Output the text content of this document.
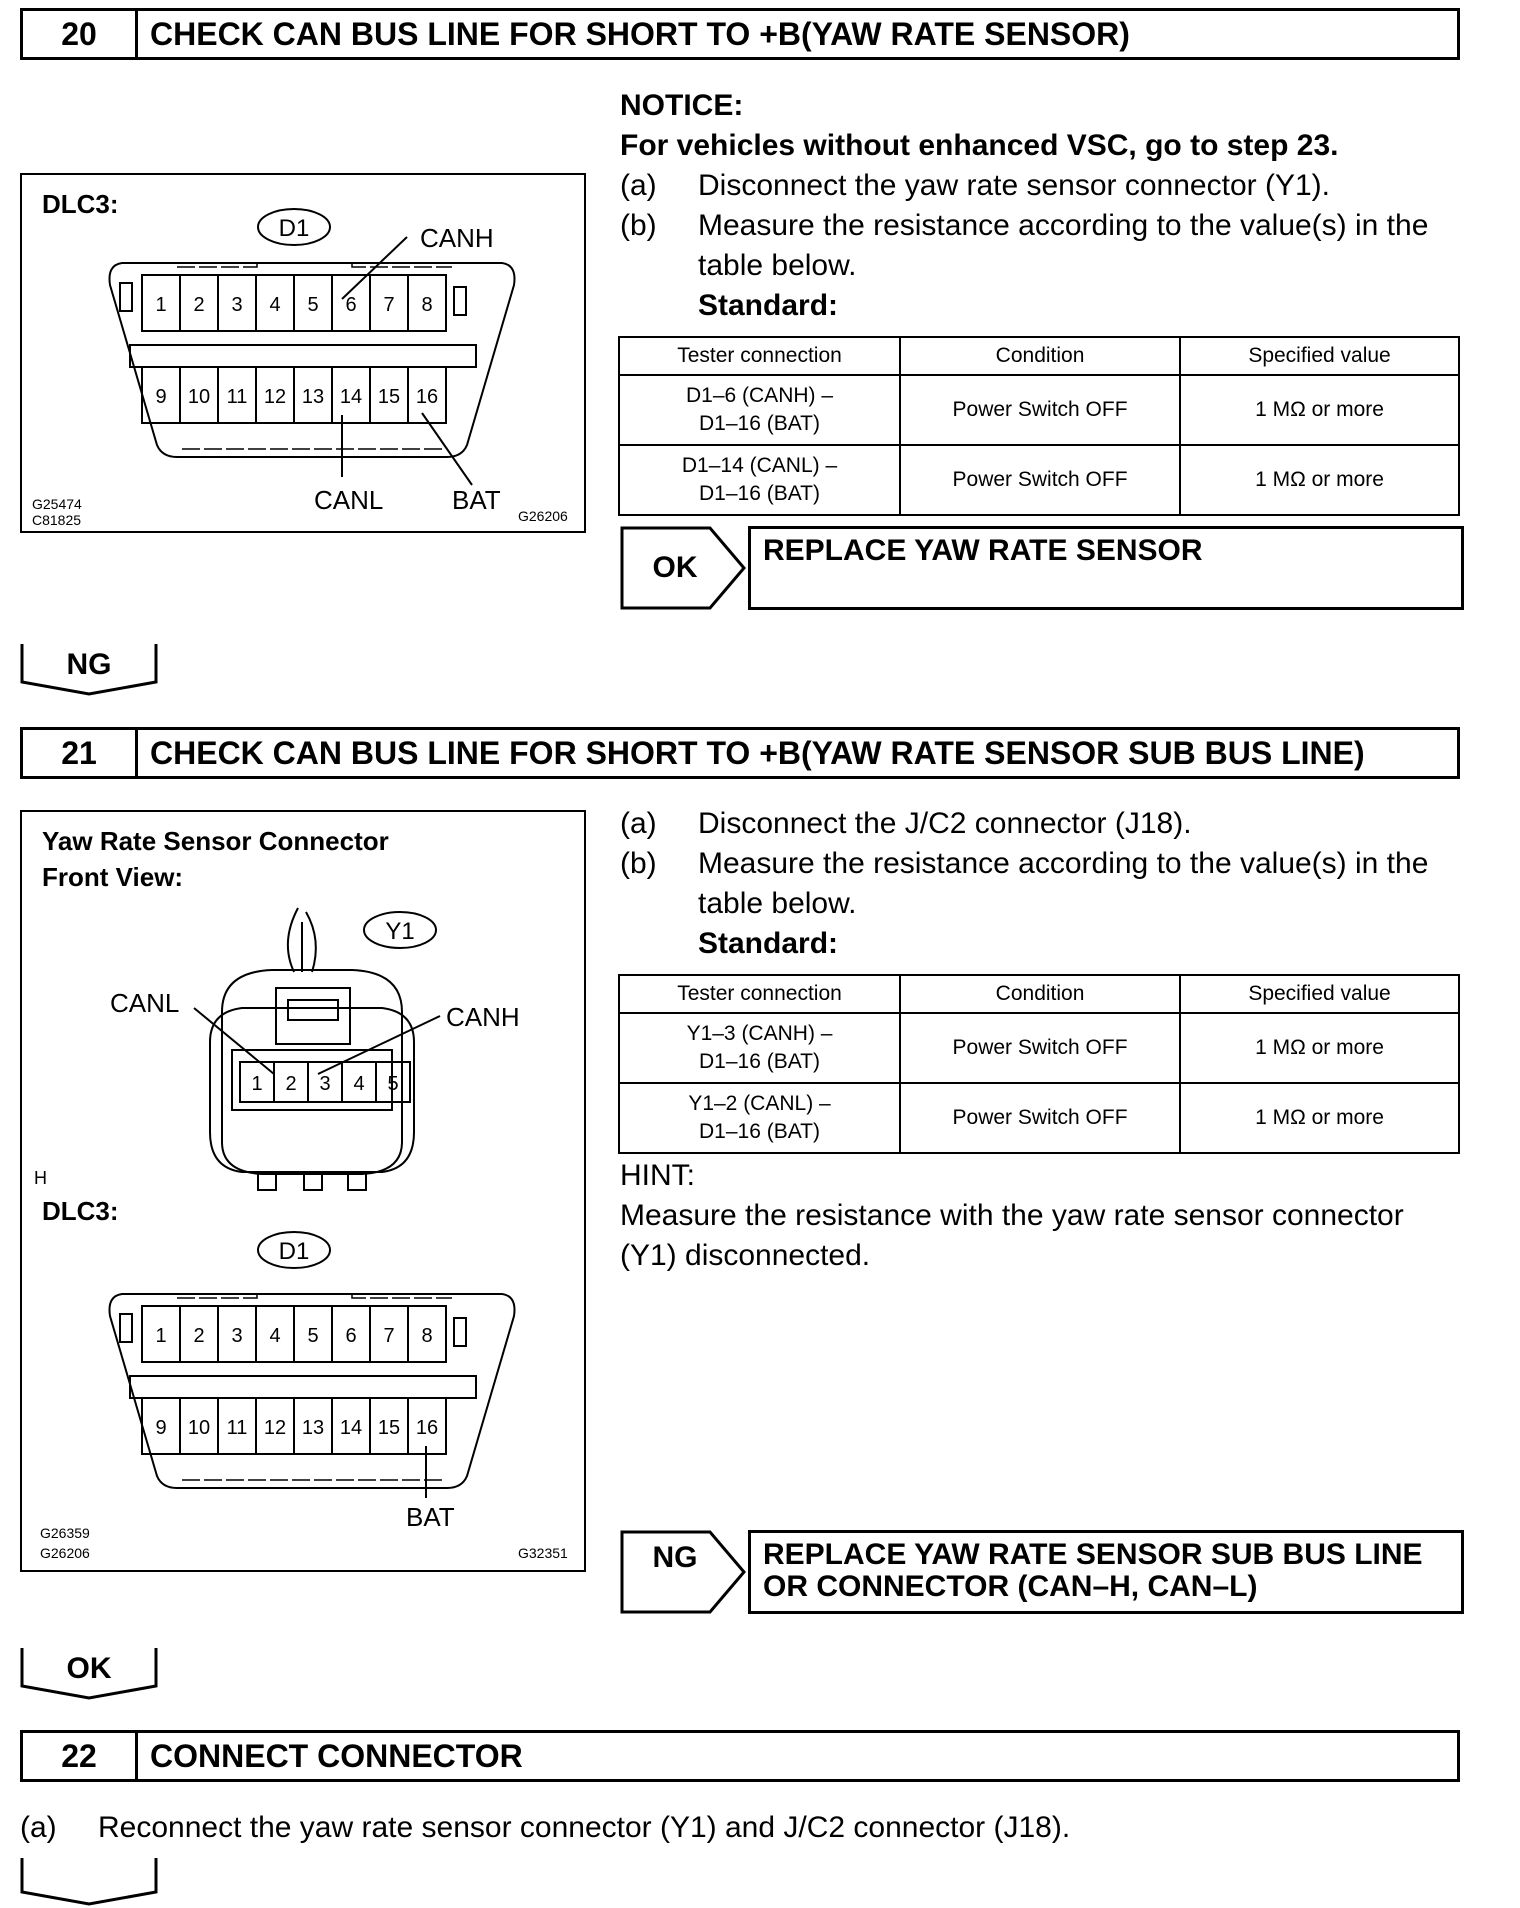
20	CHECK CAN BUS LINE FOR SHORT TO +B(YAW RATE SENSOR)
DLC3:
D1
1 2 3 4 5 6 7 8
9 10 11 12 13 14 15 16
CANH
CANL	BAT
G25474
C81825	G26206
NOTICE:
For vehicles without enhanced VSC, go to step 23.
(a) Disconnect the yaw rate sensor connector (Y1).
(b) Measure the resistance according to the value(s) in the
table below.
Standard:
Tester connection	Condition	Specified value

D1–6 (CANH) –
D1–16 (BAT)	Power Switch OFF	1 MΩ or more

D1–14 (CANL) –
D1–16 (BAT)	Power Switch OFF	1 MΩ or more
OK
REPLACE YAW RATE SENSOR
NG
21	CHECK CAN BUS LINE FOR SHORT TO +B(YAW RATE SENSOR SUB BUS LINE)
Yaw Rate Sensor Connector
Front View:
Y1
1 2 3 4 5
CANL	CANH
H
DLC3:
D1
1 2 3 4 5 6 7 8
9 10 11 12 13 14 15 16
BAT
G26359
G26206	G32351
(a) Disconnect the J/C2 connector (J18).
(b) Measure the resistance according to the value(s) in the
table below.
Standard:
Tester connection	Condition	Specified value

Y1–3 (CANH) –
D1–16 (BAT)	Power Switch OFF	1 MΩ or more

Y1–2 (CANL) –
D1–16 (BAT)	Power Switch OFF	1 MΩ or more
HINT:
Measure the resistance with the yaw rate sensor connector
(Y1) disconnected.
NG	REPLACE YAW RATE SENSOR SUB BUS LINE
OR CONNECTOR (CAN–H, CAN–L)
OK
22	CONNECT CONNECTOR
(a) Reconnect the yaw rate sensor connector (Y1) and J/C2 connector (J18).
